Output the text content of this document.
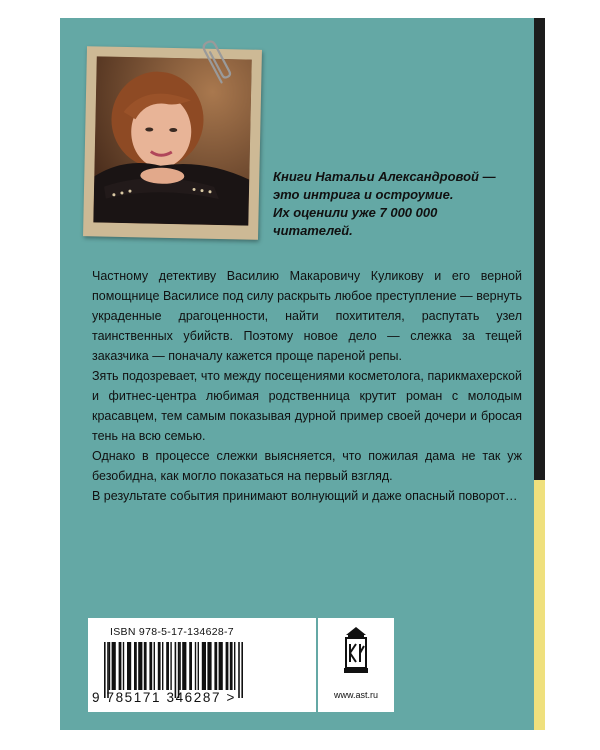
Книги Натальи Александровой —
это интрига и остроумие.
Их оценили уже 7 000 000
читателей.

Частному детективу Василию Макаровичу Куликову и его верной помощнице Василисе под силу раскрыть любое преступление — вернуть украденные драгоценности, найти похитителя, распутать узел таинственных убийств. Поэтому новое дело — слежка за тещей заказчика — поначалу кажется проще пареной репы.

Зять подозревает, что между посещениями косметолога, парикмахерской и фитнес-центра любимая родственница крутит роман с молодым красавцем, тем самым показывая дурной пример своей дочери и бросая тень на всю семью.

Однако в процессе слежки выясняется, что пожилая дама не так уж безобидна, как могло показаться на первый взгляд.

В результате события принимают волнующий и даже опасный поворот…

ISBN 978-5-17-134628-7
9 785171 346287 >	www.ast.ru
